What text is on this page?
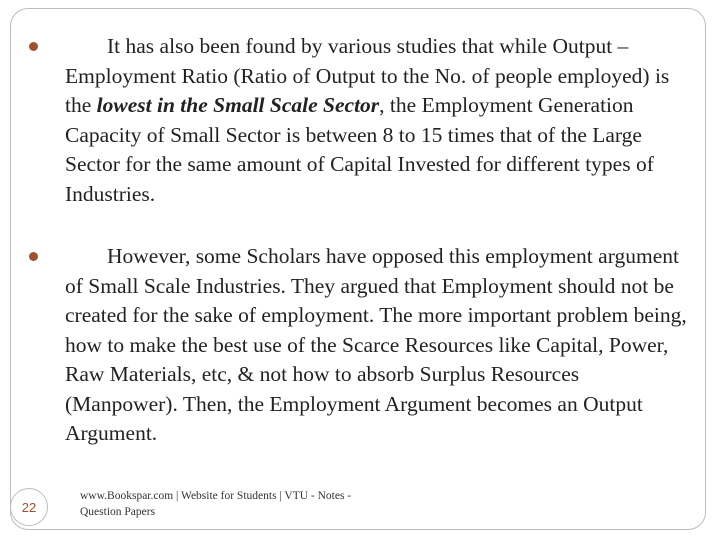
It has also been found by various studies that while Output – Employment Ratio (Ratio of Output to the No. of people employed) is the lowest in the Small Scale Sector, the Employment Generation Capacity of Small Sector is between 8 to 15 times that of the Large Sector for the same amount of Capital Invested for different types of Industries.

However, some Scholars have opposed this employment argument of Small Scale Industries. They argued that Employment should not be created for the sake of employment. The more important problem being, how to make the best use of the Scarce Resources like Capital, Power, Raw Materials, etc, & not how to absorb Surplus Resources (Manpower). Then, the Employment Argument becomes an Output Argument.

22
www.Bookspar.com | Website for Students | VTU - Notes - Question Papers
